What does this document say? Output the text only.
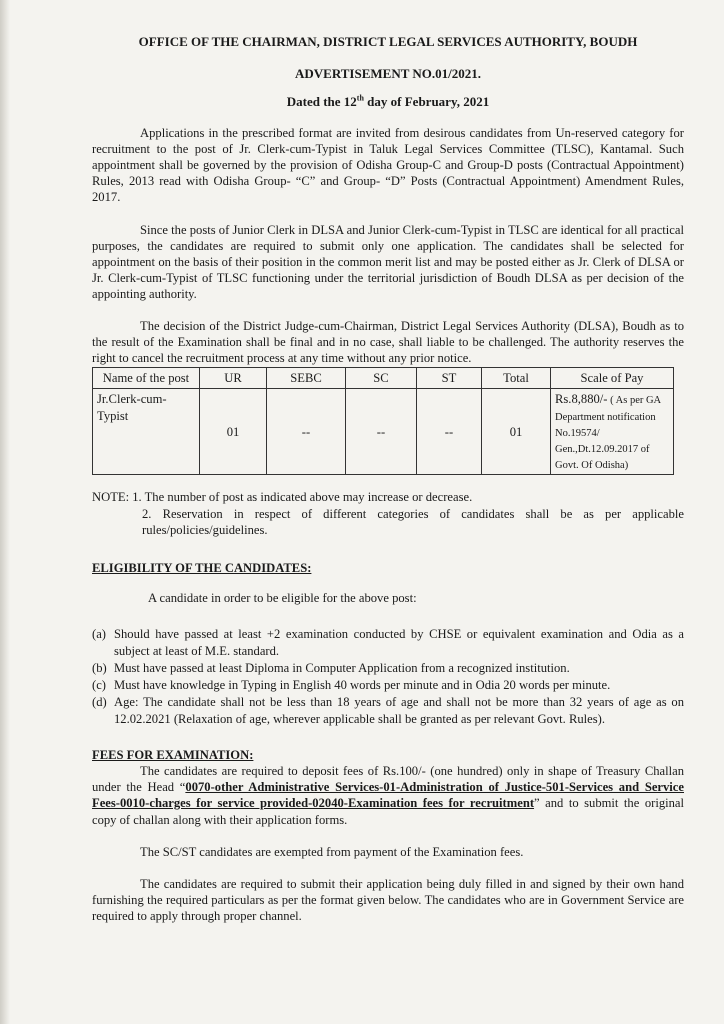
OFFICE OF THE CHAIRMAN, DISTRICT LEGAL SERVICES AUTHORITY, BOUDH

ADVERTISEMENT NO.01/2021.

Dated the 12th day of February, 2021

Applications in the prescribed format are invited from desirous candidates from Un-reserved category for recruitment to the post of Jr. Clerk-cum-Typist in Taluk Legal Services Committee (TLSC), Kantamal. Such appointment shall be governed by the provision of Odisha Group-C and Group-D posts (Contractual Appointment) Rules, 2013 read with Odisha Group- “C” and Group- “D” Posts (Contractual Appointment) Amendment Rules, 2017.

Since the posts of Junior Clerk in DLSA and Junior Clerk-cum-Typist in TLSC are identical for all practical purposes, the candidates are required to submit only one application. The candidates shall be selected for appointment on the basis of their position in the common merit list and may be posted either as Jr. Clerk of DLSA or Jr. Clerk-cum-Typist of TLSC functioning under the territorial jurisdiction of Boudh DLSA as per decision of the appointing authority.

The decision of the District Judge-cum-Chairman, District Legal Services Authority (DLSA), Boudh as to the result of the Examination shall be final and in no case, shall liable to be challenged. The authority reserves the right to cancel the recruitment process at any time without any prior notice.

Name of the post	UR	SEBC	SC	ST	Total	Scale of Pay
Jr.Clerk-cum-Typist	01	--	--	--	01	Rs.8,880/- ( As per GA Department notification No.19574/ Gen.,Dt.12.09.2017 of Govt. Of Odisha)

NOTE: 1. The number of post as indicated above may increase or decrease.

2. Reservation in respect of different categories of candidates shall be as per applicable rules/policies/guidelines.

ELIGIBILITY OF THE CANDIDATES:

A candidate in order to be eligible for the above post:

(a) Should have passed at least +2 examination conducted by CHSE or equivalent examination and Odia as a subject at least of M.E. standard.
(b) Must have passed at least Diploma in Computer Application from a recognized institution.
(c) Must have knowledge in Typing in English 40 words per minute and in Odia 20 words per minute.
(d) Age: The candidate shall not be less than 18 years of age and shall not be more than 32 years of age as on 12.02.2021 (Relaxation of age, wherever applicable shall be granted as per relevant Govt. Rules).

FEES FOR EXAMINATION:

The candidates are required to deposit fees of Rs.100/- (one hundred) only in shape of Treasury Challan under the Head “0070-other Administrative Services-01-Administration of Justice-501-Services and Service Fees-0010-charges for service provided-02040-Examination fees for recruitment” and to submit the original copy of challan along with their application forms.

The SC/ST candidates are exempted from payment of the Examination fees.

The candidates are required to submit their application being duly filled in and signed by their own hand furnishing the required particulars as per the format given below. The candidates who are in Government Service are required to apply through proper channel.
